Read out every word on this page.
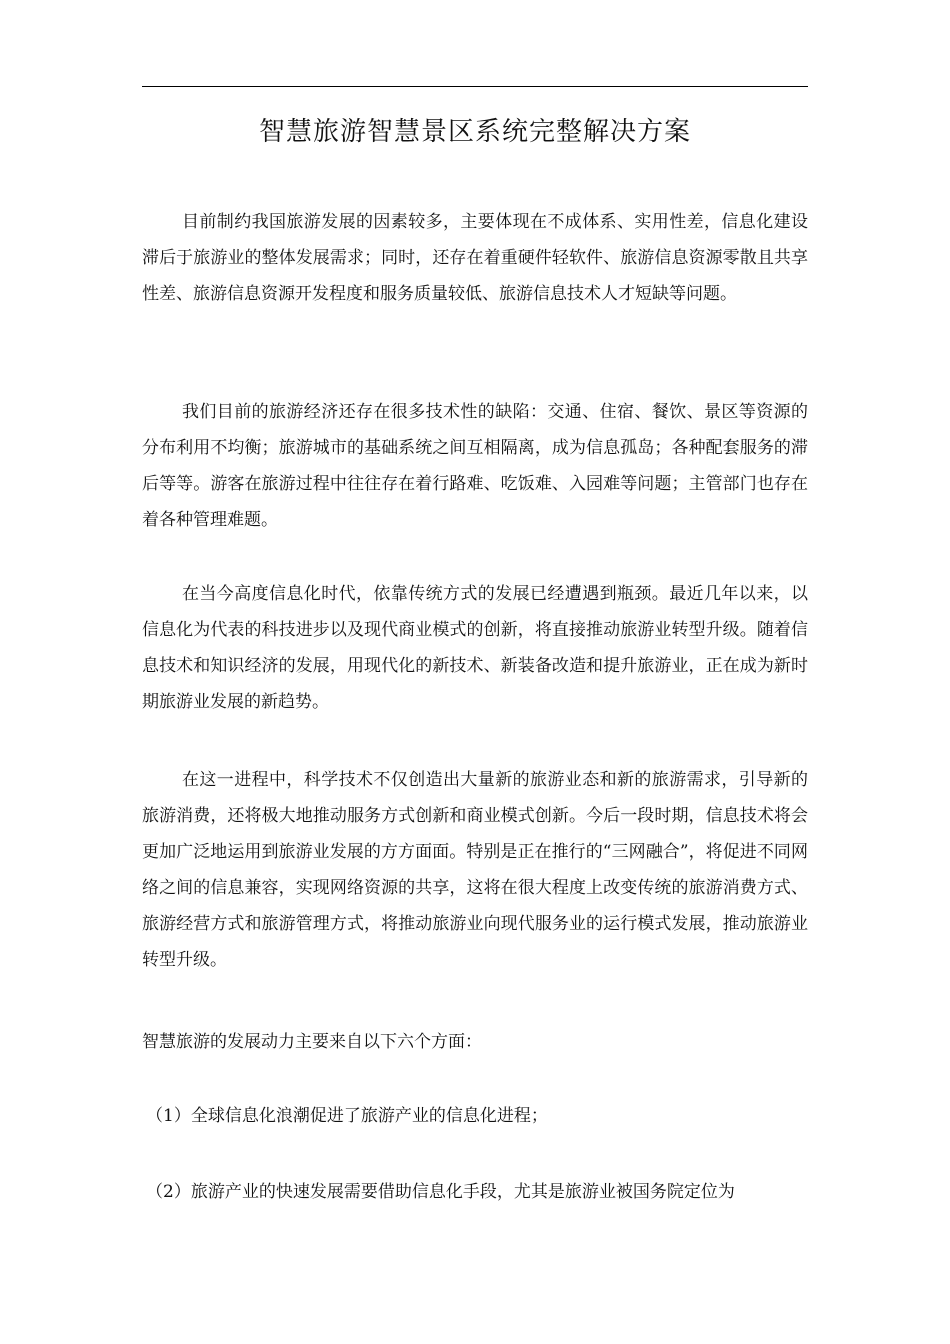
智慧旅游智慧景区系统完整解决方案

目前制约我国旅游发展的因素较多，主要体现在不成体系、实用性差，信息化建设滞后于旅游业的整体发展需求；同时，还存在着重硬件轻软件、旅游信息资源零散且共享性差、旅游信息资源开发程度和服务质量较低、旅游信息技术人才短缺等问题。

我们目前的旅游经济还存在很多技术性的缺陷：交通、住宿、餐饮、景区等资源的分布利用不均衡；旅游城市的基础系统之间互相隔离，成为信息孤岛；各种配套服务的滞后等等。游客在旅游过程中往往存在着行路难、吃饭难、入园难等问题；主管部门也存在着各种管理难题。

在当今高度信息化时代，依靠传统方式的发展已经遭遇到瓶颈。最近几年以来，以信息化为代表的科技进步以及现代商业模式的创新，将直接推动旅游业转型升级。随着信息技术和知识经济的发展，用现代化的新技术、新装备改造和提升旅游业，正在成为新时期旅游业发展的新趋势。

在这一进程中，科学技术不仅创造出大量新的旅游业态和新的旅游需求，引导新的旅游消费，还将极大地推动服务方式创新和商业模式创新。今后一段时期，信息技术将会更加广泛地运用到旅游业发展的方方面面。特别是正在推行的“三网融合”，将促进不同网络之间的信息兼容，实现网络资源的共享，这将在很大程度上改变传统的旅游消费方式、旅游经营方式和旅游管理方式，将推动旅游业向现代服务业的运行模式发展，推动旅游业转型升级。

智慧旅游的发展动力主要来自以下六个方面：

（1）全球信息化浪潮促进了旅游产业的信息化进程；

（2）旅游产业的快速发展需要借助信息化手段，尤其是旅游业被国务院定位为
